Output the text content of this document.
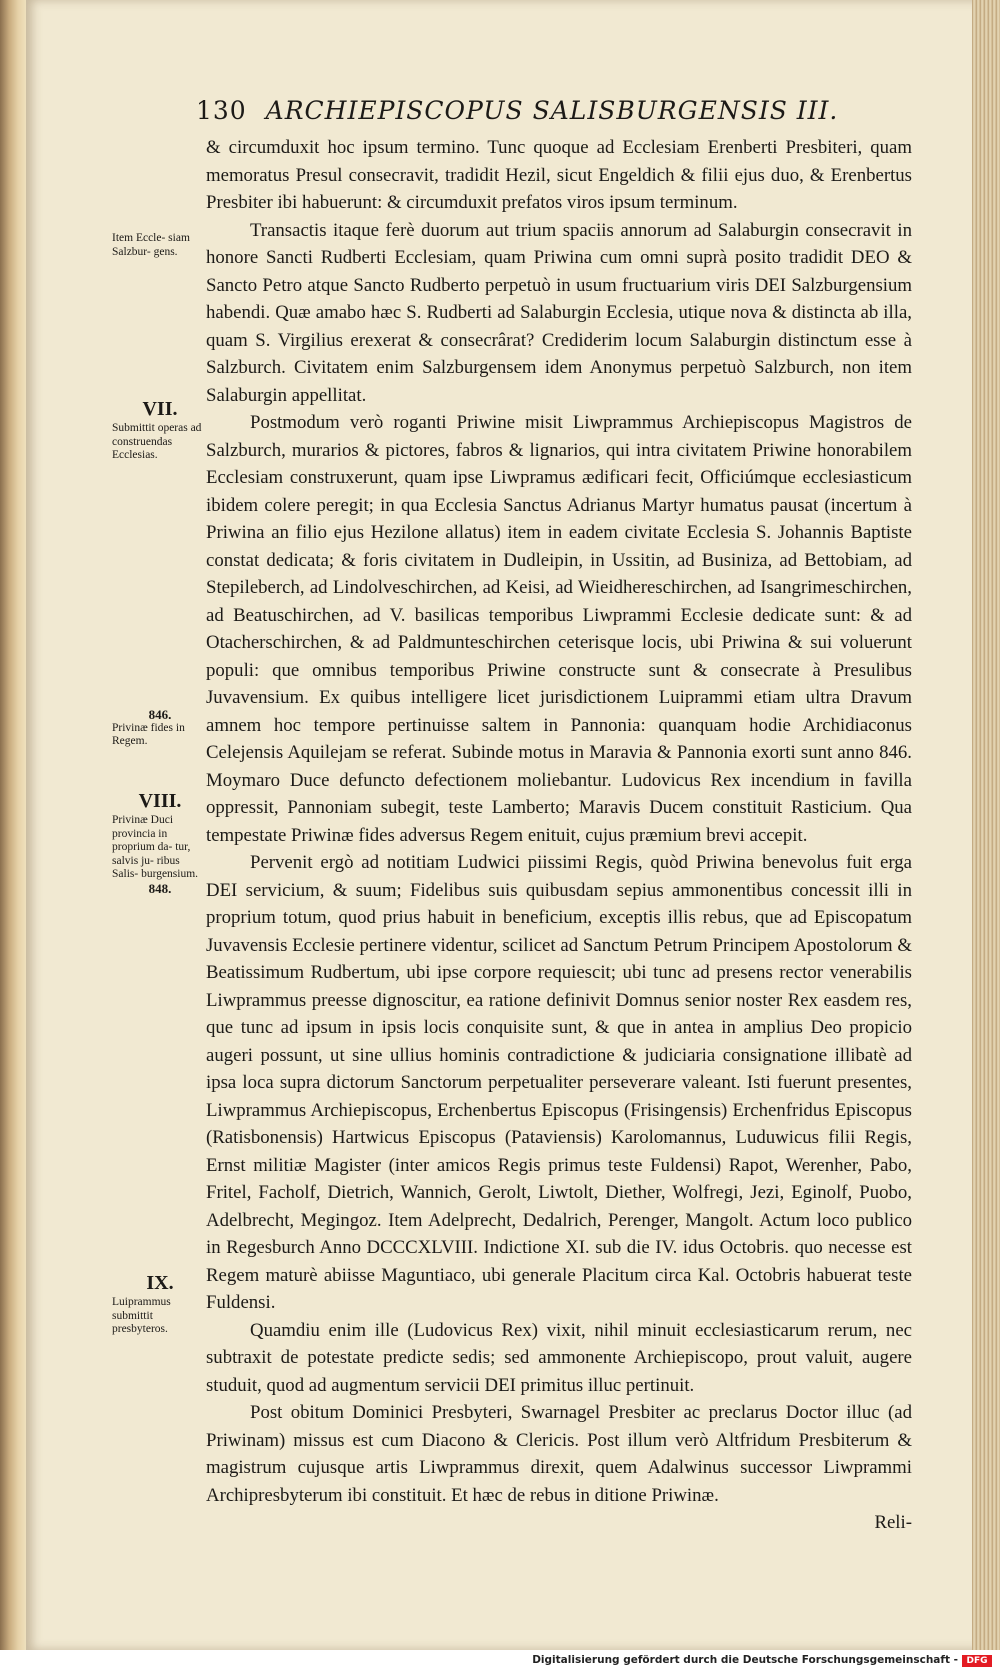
130 ARCHIEPISCOPUS SALISBURGENSIS III.

& circumduxit hoc ipsum termino. Tunc quoque ad Ecclesiam Erenberti Presbiteri, quam memoratus Presul consecravit, tradidit Hezil, sicut Engeldich & filii ejus duo, & Erenbertus Presbiter ibi habuerunt: & circumduxit prefatos viros ipsum terminum.

Transactis itaque ferè duorum aut trium spaciis annorum ad Salaburgin consecravit in honore Sancti Rudberti Ecclesiam, quam Priwina cum omni suprà posito tradidit DEO & Sancto Petro atque Sancto Rudberto perpetuò in usum fructuarium viris DEI Salzburgensium habendi. Quæ amabo hæc S. Rudberti ad Salaburgin Ecclesia, utique nova & distincta ab illa, quam S. Virgilius erexerat & consecrârat? Crediderim locum Salaburgin distinctum esse à Salzburch. Civitatem enim Salzburgensem idem Anonymus perpetuò Salzburch, non item Salaburgin appellitat.

Postmodum verò roganti Priwine misit Liwprammus Archiepiscopus Magistros de Salzburch, murarios & pictores, fabros & lignarios, qui intra civitatem Priwine honorabilem Ecclesiam construxerunt, quam ipse Liwpramus ædificari fecit, Officiúmque ecclesiasticum ibidem colere peregit; in qua Ecclesia Sanctus Adrianus Martyr humatus pausat (incertum à Priwina an filio ejus Hezilone allatus) item in eadem civitate Ecclesia S. Johannis Baptiste constat dedicata; & foris civitatem in Dudleipin, in Ussitin, ad Businiza, ad Bettobiam, ad Stepileberch, ad Lindolveschirchen, ad Keisi, ad Wieidhereschirchen, ad Isangrimeschirchen, ad Beatuschirchen, ad V. basilicas temporibus Liwprammi Ecclesie dedicate sunt: & ad Otacherschirchen, & ad Paldmunteschirchen ceterisque locis, ubi Priwina & sui voluerunt populi: que omnibus temporibus Priwine constructe sunt & consecrate à Presulibus Juvavensium. Ex quibus intelligere licet jurisdictionem Luiprammi etiam ultra Dravum amnem hoc tempore pertinuisse saltem in Pannonia: quanquam hodie Archidiaconus Celejensis Aquilejam se referat. Subinde motus in Maravia & Pannonia exorti sunt anno 846. Moymaro Duce defuncto defectionem moliebantur. Ludovicus Rex incendium in favilla oppressit, Pannoniam subegit, teste Lamberto; Maravis Ducem constituit Rasticium. Qua tempestate Priwinæ fides adversus Regem enituit, cujus præmium brevi accepit.

Pervenit ergò ad notitiam Ludwici piissimi Regis, quòd Priwina benevolus fuit erga DEI servicium, & suum; Fidelibus suis quibusdam sepius ammonentibus concessit illi in proprium totum, quod prius habuit in beneficium, exceptis illis rebus, que ad Episcopatum Juvavensis Ecclesie pertinere videntur, scilicet ad Sanctum Petrum Principem Apostolorum & Beatissimum Rudbertum, ubi ipse corpore requiescit; ubi tunc ad presens rector venerabilis Liwprammus preesse dignoscitur, ea ratione definivit Domnus senior noster Rex easdem res, que tunc ad ipsum in ipsis locis conquisite sunt, & que in antea in amplius Deo propicio augeri possunt, ut sine ullius hominis contradictione & judiciaria consignatione illibatè ad ipsa loca supra dictorum Sanctorum perpetualiter perseverare valeant. Isti fuerunt presentes, Liwprammus Archiepiscopus, Erchenbertus Episcopus (Frisingensis) Erchenfridus Episcopus (Ratisbonensis) Hartwicus Episcopus (Pataviensis) Karolomannus, Luduwicus filii Regis, Ernst militiæ Magister (inter amicos Regis primus teste Fuldensi) Rapot, Werenher, Pabo, Fritel, Facholf, Dietrich, Wannich, Gerolt, Liwtolt, Diether, Wolfregi, Jezi, Eginolf, Puobo, Adelbrecht, Megingoz. Item Adelprecht, Dedalrich, Perenger, Mangolt. Actum loco publico in Regesburch Anno DCCCXLVIII. Indictione XI. sub die IV. idus Octobris. quo necesse est Regem maturè abiisse Maguntiaco, ubi generale Placitum circa Kal. Octobris habuerat teste Fuldensi.

Quamdiu enim ille (Ludovicus Rex) vixit, nihil minuit ecclesiasticarum rerum, nec subtraxit de potestate predicte sedis; sed ammonente Archiepiscopo, prout valuit, augere studuit, quod ad augmentum servicii DEI primitus illuc pertinuit.

Post obitum Dominici Presbyteri, Swarnagel Presbiter ac preclarus Doctor illuc (ad Priwinam) missus est cum Diacono & Clericis. Post illum verò Altfridum Presbiterum & magistrum cujusque artis Liwprammus direxit, quem Adalwinus successor Liwprammi Archipresbyterum ibi constituit. Et hæc de rebus in ditione Priwinæ.

Reli-

Item Eccle- siam Salzbur- gens.
VII.
Submittit operas ad construendas Ecclesias.
846.
Privinæ fides in Regem.
VIII.
Privinæ Duci provincia in proprium da- tur, salvis ju- ribus Salis- burgensium.
848.
IX.
Luiprammus submittit presbyteros.
Digitalisierung gefördert durch die Deutsche Forschungsgemeinschaft - DFG
